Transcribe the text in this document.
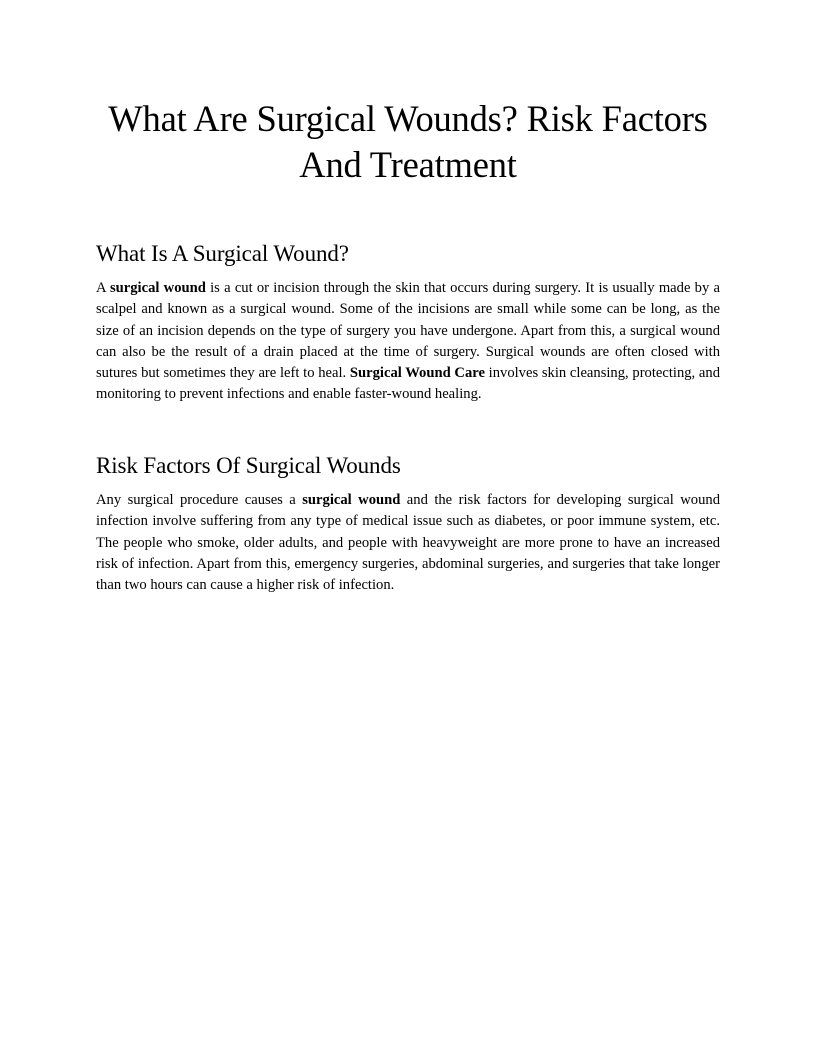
What Are Surgical Wounds? Risk Factors And Treatment
What Is A Surgical Wound?

A surgical wound is a cut or incision through the skin that occurs during surgery. It is usually made by a scalpel and known as a surgical wound. Some of the incisions are small while some can be long, as the size of an incision depends on the type of surgery you have undergone. Apart from this, a surgical wound can also be the result of a drain placed at the time of surgery. Surgical wounds are often closed with sutures but sometimes they are left to heal. Surgical Wound Care involves skin cleansing, protecting, and monitoring to prevent infections and enable faster-wound healing.

Risk Factors Of Surgical Wounds

Any surgical procedure causes a surgical wound and the risk factors for developing surgical wound infection involve suffering from any type of medical issue such as diabetes, or poor immune system, etc. The people who smoke, older adults, and people with heavyweight are more prone to have an increased risk of infection. Apart from this, emergency surgeries, abdominal surgeries, and surgeries that take longer than two hours can cause a higher risk of infection.
